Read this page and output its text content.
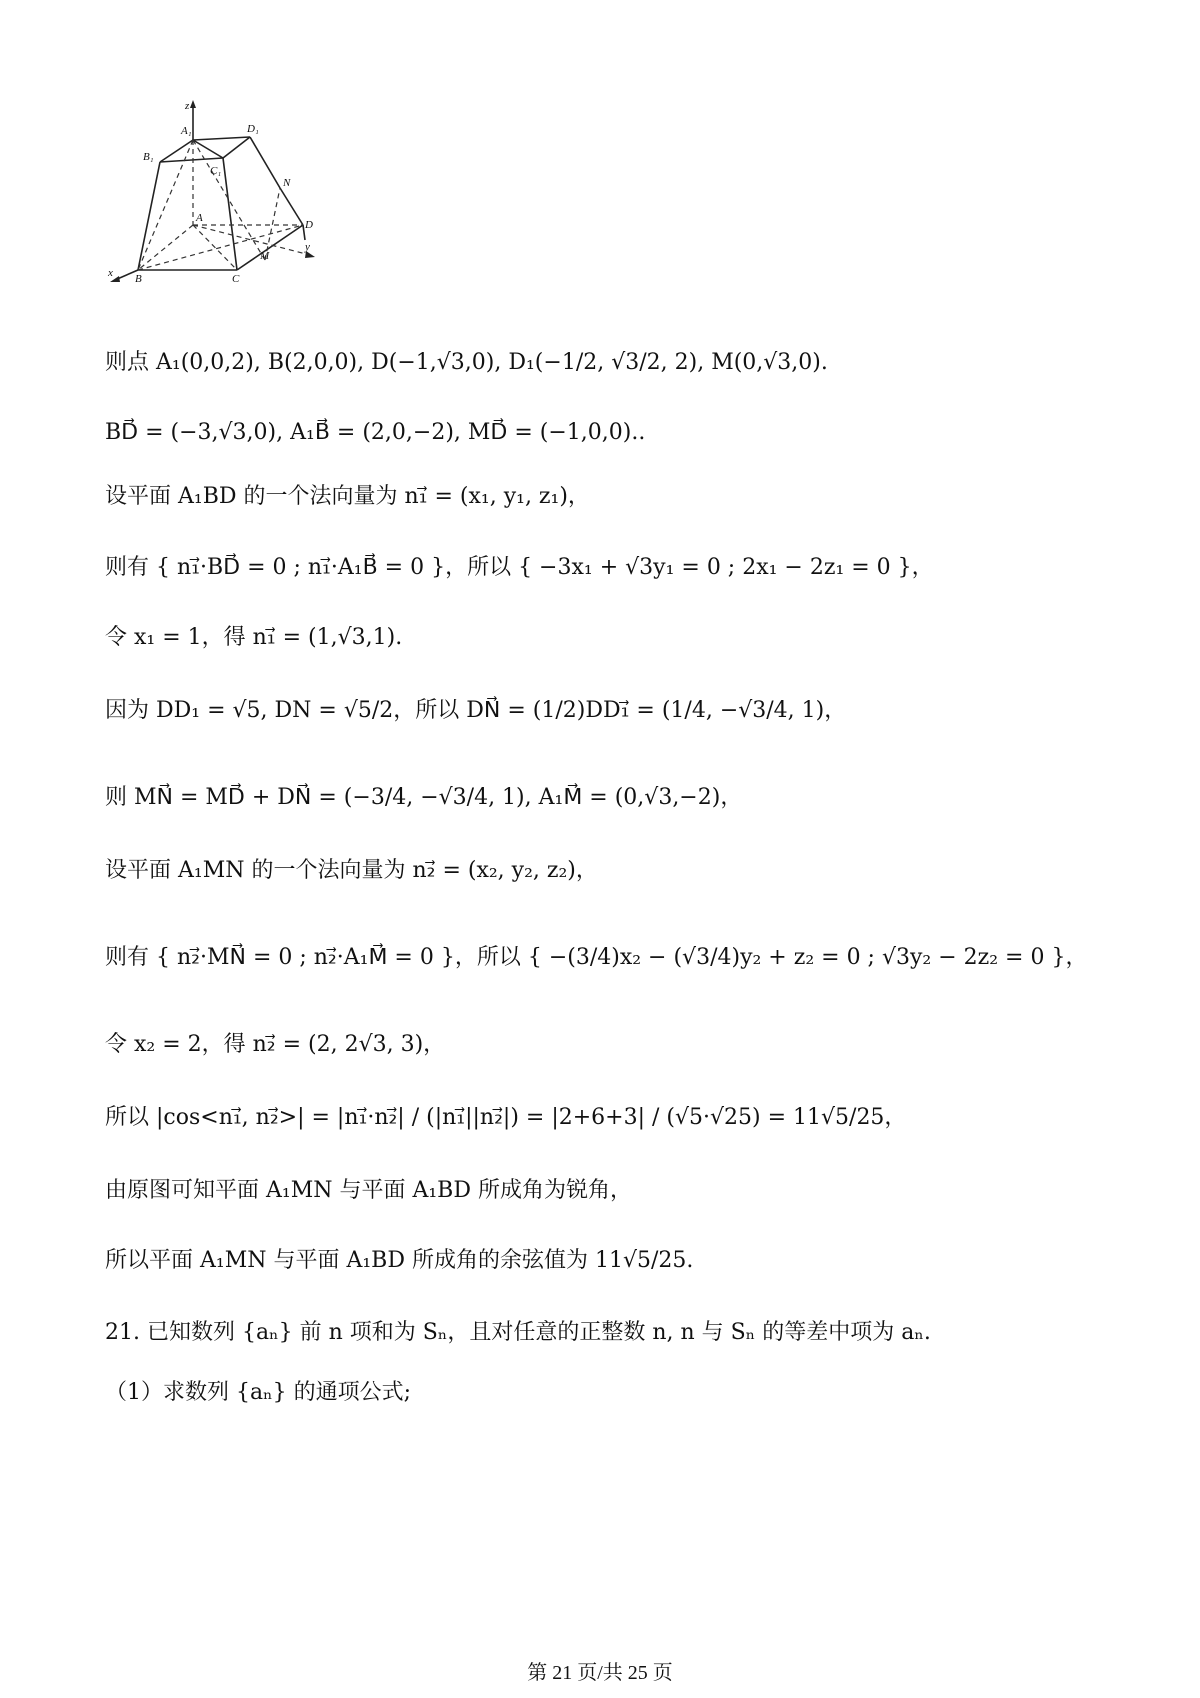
z
x
y
A₁
B₁
C₁
D₁
A
B	C
D
M
N
则点 A₁(0,0,2), B(2,0,0), D(−1,√3,0), D₁(−1/2, √3/2, 2), M(0,√3,0).
BD⃗ = (−3,√3,0), A₁B⃗ = (2,0,−2), MD⃗ = (−1,0,0)..
设平面 A₁BD 的一个法向量为 n₁⃗ = (x₁, y₁, z₁)，
则有 { n₁⃗·BD⃗ = 0 ; n₁⃗·A₁B⃗ = 0 }，所以 { −3x₁ + √3y₁ = 0 ; 2x₁ − 2z₁ = 0 }，
令 x₁ = 1，得 n₁⃗ = (1,√3,1).
因为 DD₁ = √5, DN = √5/2，所以 DN⃗ = (1/2)DD₁⃗ = (1/4, −√3/4, 1)，
则 MN⃗ = MD⃗ + DN⃗ = (−3/4, −√3/4, 1), A₁M⃗ = (0,√3,−2)，
设平面 A₁MN 的一个法向量为 n₂⃗ = (x₂, y₂, z₂)，
则有 { n₂⃗·MN⃗ = 0 ; n₂⃗·A₁M⃗ = 0 }，所以 { −(3/4)x₂ − (√3/4)y₂ + z₂ = 0 ; √3y₂ − 2z₂ = 0 }，
令 x₂ = 2，得 n₂⃗ = (2, 2√3, 3)，
所以 |cos<n₁⃗, n₂⃗>| = |n₁⃗·n₂⃗| / (|n₁⃗||n₂⃗|) = |2+6+3| / (√5·√25) = 11√5/25，
由原图可知平面 A₁MN 与平面 A₁BD 所成角为锐角，
所以平面 A₁MN 与平面 A₁BD 所成角的余弦值为 11√5/25.
21. 已知数列 {aₙ} 前 n 项和为 Sₙ，且对任意的正整数 n, n 与 Sₙ 的等差中项为 aₙ.
（1）求数列 {aₙ} 的通项公式;
第 21 页/共 25 页
